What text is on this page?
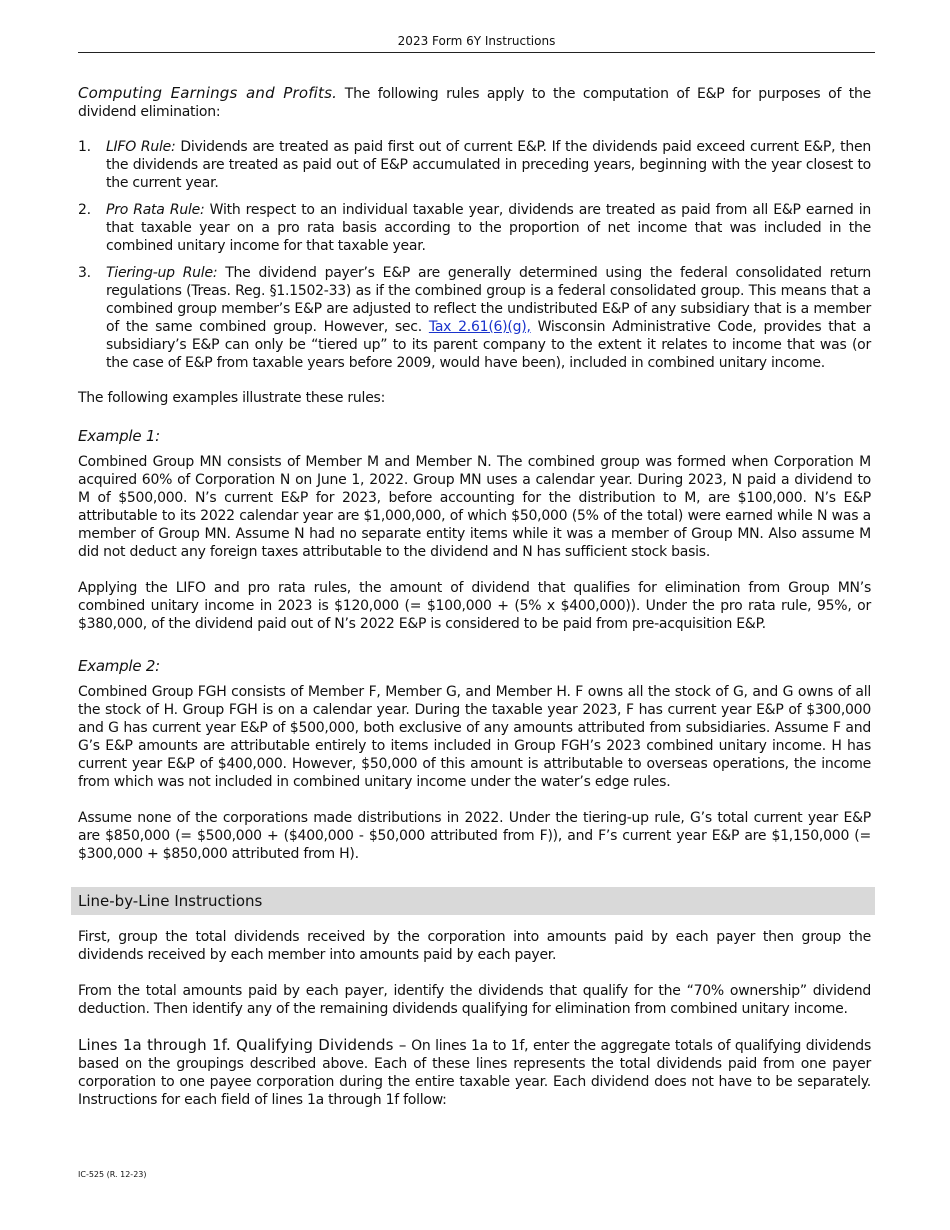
2023 Form 6Y Instructions

Computing Earnings and Profits. The following rules apply to the computation of E&P for purposes of the dividend elimination:

1. LIFO Rule: Dividends are treated as paid first out of current E&P. If the dividends paid exceed current E&P, then the dividends are treated as paid out of E&P accumulated in preceding years, beginning with the year closest to the current year.
2. Pro Rata Rule: With respect to an individual taxable year, dividends are treated as paid from all E&P earned in that taxable year on a pro rata basis according to the proportion of net income that was included in the combined unitary income for that taxable year.
3. Tiering-up Rule: The dividend payer’s E&P are generally determined using the federal consolidated return regulations (Treas. Reg. §1.1502-33) as if the combined group is a federal consolidated group. This means that a combined group member’s E&P are adjusted to reflect the undistributed E&P of any subsidiary that is a member of the same combined group. However, sec. Tax 2.61(6)(g), Wisconsin Administrative Code, provides that a subsidiary’s E&P can only be “tiered up” to its parent company to the extent it relates to income that was (or the case of E&P from taxable years before 2009, would have been), included in combined unitary income.

The following examples illustrate these rules:

Example 1:

Combined Group MN consists of Member M and Member N. The combined group was formed when Corporation M acquired 60% of Corporation N on June 1, 2022. Group MN uses a calendar year. During 2023, N paid a dividend to M of $500,000. N’s current E&P for 2023, before accounting for the distribution to M, are $100,000. N’s E&P attributable to its 2022 calendar year are $1,000,000, of which $50,000 (5% of the total) were earned while N was a member of Group MN. Assume N had no separate entity items while it was a member of Group MN. Also assume M did not deduct any foreign taxes attributable to the dividend and N has sufficient stock basis.

Applying the LIFO and pro rata rules, the amount of dividend that qualifies for elimination from Group MN’s combined unitary income in 2023 is $120,000 (= $100,000 + (5% x $400,000)). Under the pro rata rule, 95%, or $380,000, of the dividend paid out of N’s 2022 E&P is considered to be paid from pre-acquisition E&P.

Example 2:

Combined Group FGH consists of Member F, Member G, and Member H. F owns all the stock of G, and G owns of all the stock of H. Group FGH is on a calendar year. During the taxable year 2023, F has current year E&P of $300,000 and G has current year E&P of $500,000, both exclusive of any amounts attributed from subsidiaries. Assume F and G’s E&P amounts are attributable entirely to items included in Group FGH’s 2023 combined unitary income. H has current year E&P of $400,000. However, $50,000 of this amount is attributable to overseas operations, the income from which was not included in combined unitary income under the water’s edge rules.

Assume none of the corporations made distributions in 2022. Under the tiering-up rule, G’s total current year E&P are $850,000 (= $500,000 + ($400,000 - $50,000 attributed from F)), and F’s current year E&P are $1,150,000 (= $300,000 + $850,000 attributed from H).

Line-by-Line Instructions

First, group the total dividends received by the corporation into amounts paid by each payer then group the dividends received by each member into amounts paid by each payer.

From the total amounts paid by each payer, identify the dividends that qualify for the “70% ownership” dividend deduction. Then identify any of the remaining dividends qualifying for elimination from combined unitary income.

Lines 1a through 1f. Qualifying Dividends – On lines 1a to 1f, enter the aggregate totals of qualifying dividends based on the groupings described above. Each of these lines represents the total dividends paid from one payer corporation to one payee corporation during the entire taxable year. Each dividend does not have to be separately. Instructions for each field of lines 1a through 1f follow:

IC-525 (R. 12-23)
